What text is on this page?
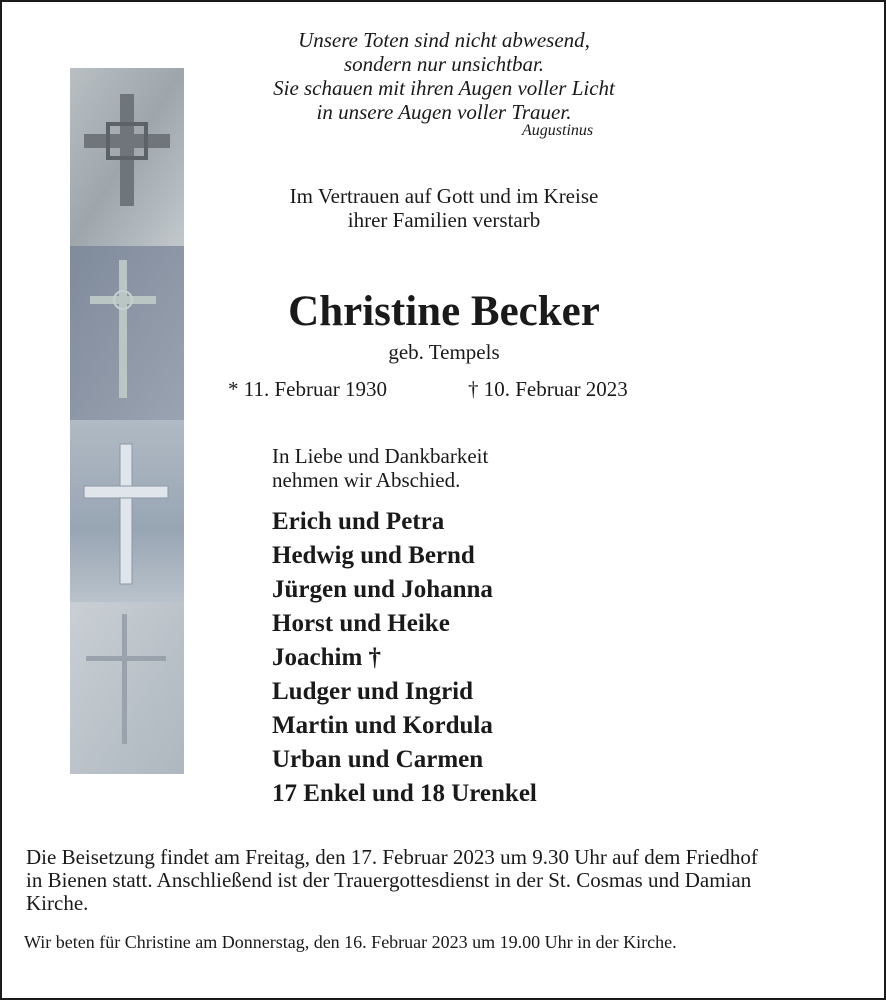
Unsere Toten sind nicht abwesend,
sondern nur unsichtbar.
Sie schauen mit ihren Augen voller Licht
in unsere Augen voller Trauer.
Augustinus
Im Vertrauen auf Gott und im Kreise
ihrer Familien verstarb
Christine Becker
geb. Tempels
* 11. Februar 1930	† 10. Februar 2023
In Liebe und Dankbarkeit
nehmen wir Abschied.
Erich und Petra
Hedwig und Bernd
Jürgen und Johanna
Horst und Heike
Joachim †
Ludger und Ingrid
Martin und Kordula
Urban und Carmen
17 Enkel und 18 Urenkel
Die Beisetzung findet am Freitag, den 17. Februar 2023 um 9.30 Uhr auf dem Friedhof
in Bienen statt. Anschließend ist der Trauergottesdienst in der St. Cosmas und Damian
Kirche.
Wir beten für Christine am Donnerstag, den 16. Februar 2023 um 19.00 Uhr in der Kirche.
